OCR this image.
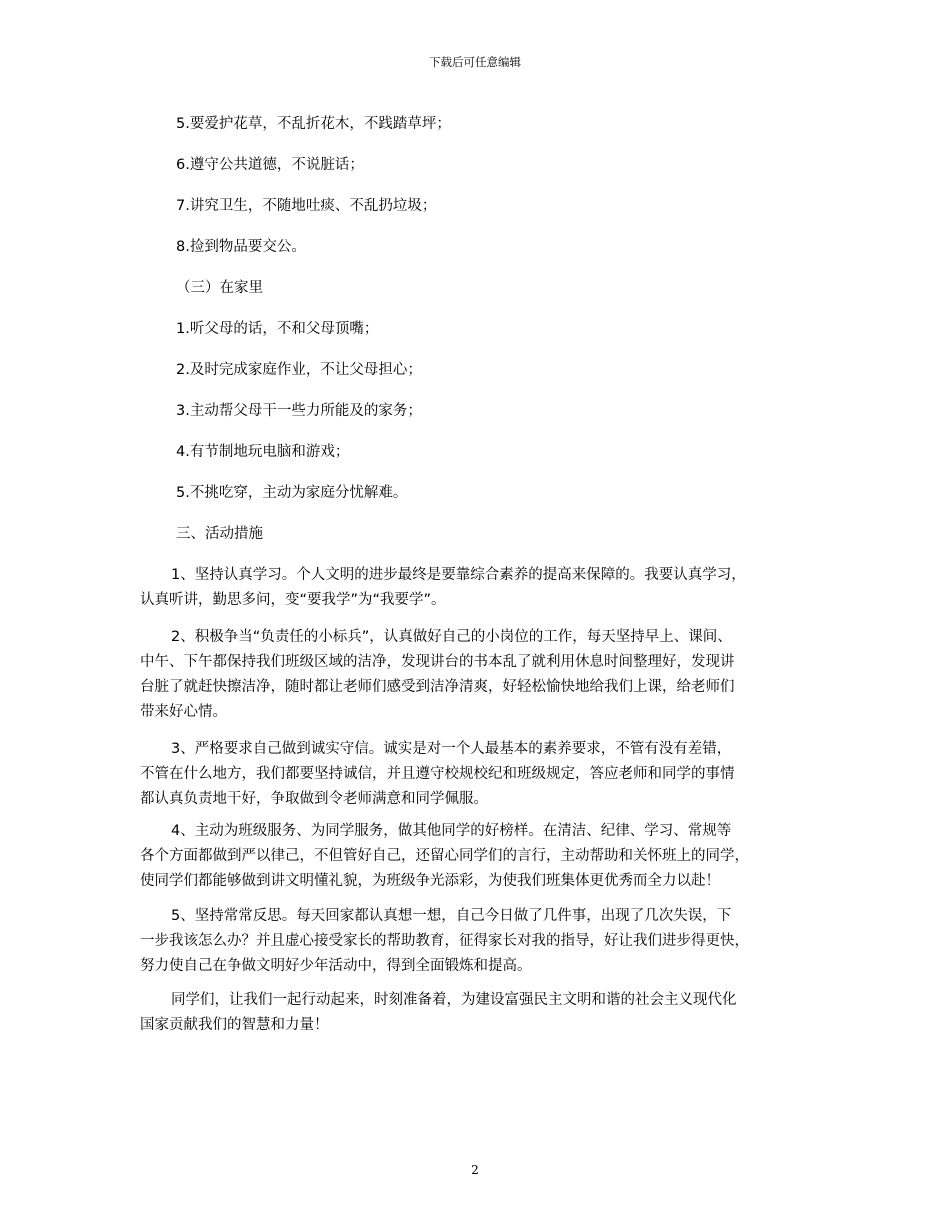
下载后可任意编辑
5.要爱护花草，不乱折花木，不践踏草坪；
6.遵守公共道德，不说脏话；
7.讲究卫生，不随地吐痰、不乱扔垃圾；
8.捡到物品要交公。
（三）在家里
1.听父母的话，不和父母顶嘴；
2.及时完成家庭作业，不让父母担心；
3.主动帮父母干一些力所能及的家务；
4.有节制地玩电脑和游戏；
5.不挑吃穿，主动为家庭分忧解难。
三、活动措施
1、坚持认真学习。个人文明的进步最终是要靠综合素养的提高来保障的。我要认真学习，
认真听讲，勤思多问，变“要我学”为“我要学”。
2、积极争当“负责任的小标兵”，认真做好自己的小岗位的工作，每天坚持早上、课间、
中午、下午都保持我们班级区域的洁净，发现讲台的书本乱了就利用休息时间整理好，发现讲
台脏了就赶快擦洁净，随时都让老师们感受到洁净清爽，好轻松愉快地给我们上课，给老师们
带来好心情。
3、严格要求自己做到诚实守信。诚实是对一个人最基本的素养要求，不管有没有差错，
不管在什么地方，我们都要坚持诚信，并且遵守校规校纪和班级规定，答应老师和同学的事情
都认真负责地干好，争取做到令老师满意和同学佩服。
4、主动为班级服务、为同学服务，做其他同学的好榜样。在清洁、纪律、学习、常规等
各个方面都做到严以律己，不但管好自己，还留心同学们的言行，主动帮助和关怀班上的同学，
使同学们都能够做到讲文明懂礼貌，为班级争光添彩，为使我们班集体更优秀而全力以赴！
5、坚持常常反思。每天回家都认真想一想，自己今日做了几件事，出现了几次失误，下
一步我该怎么办？并且虚心接受家长的帮助教育，征得家长对我的指导，好让我们进步得更快，
努力使自己在争做文明好少年活动中，得到全面锻炼和提高。
同学们，让我们一起行动起来，时刻准备着，为建设富强民主文明和谐的社会主义现代化
国家贡献我们的智慧和力量！
2
